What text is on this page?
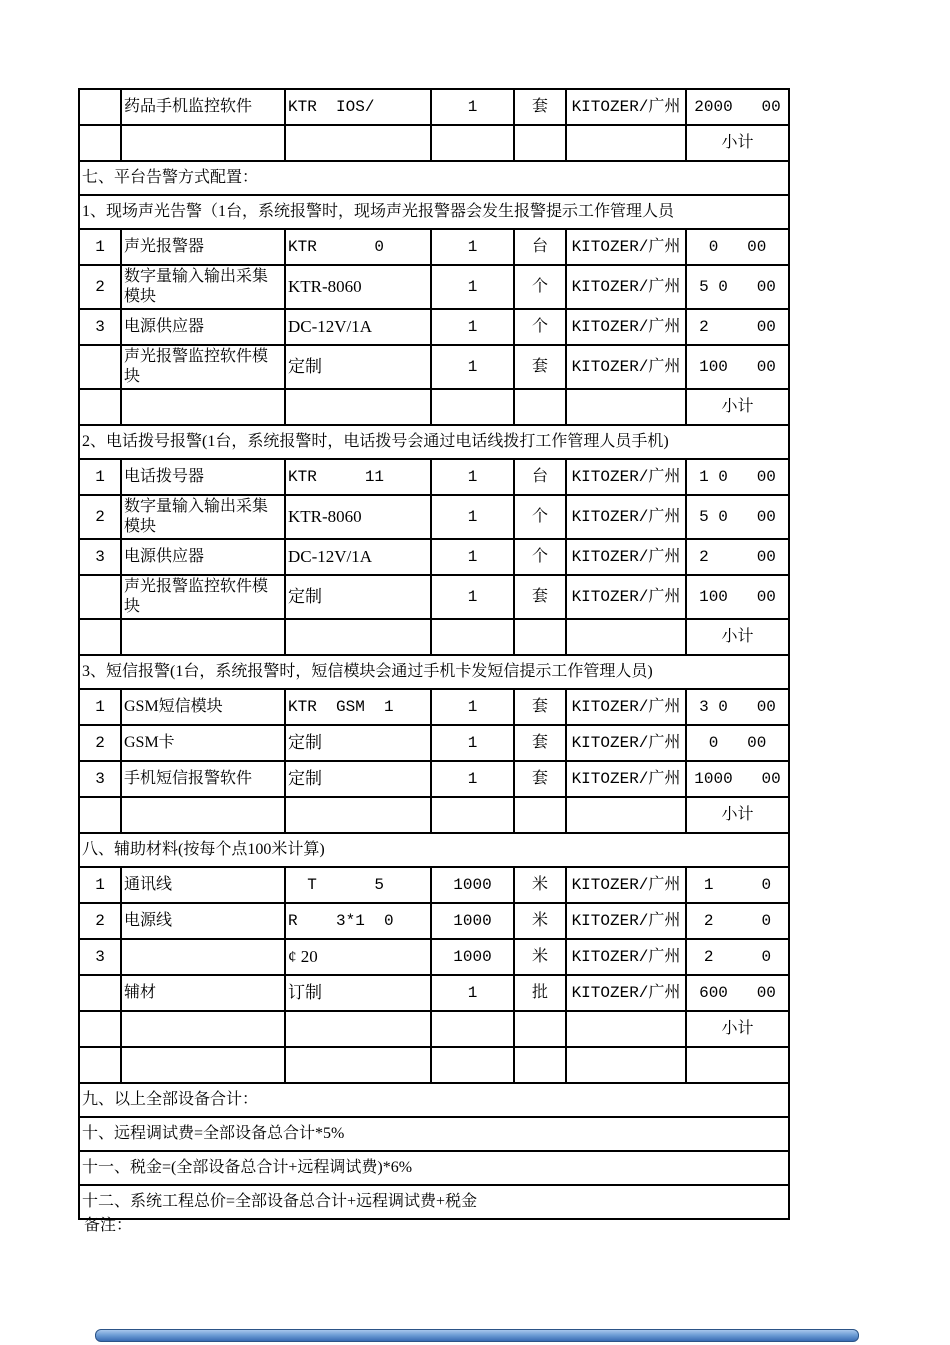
	药品手机监控软件	KTR  IOS/	1	套	KITOZER/广州	2000   00
						小计
七、平台告警方式配置：						
1、现场声光告警（1台，系统报警时，现场声光报警器会发生报警提示工作管理人员						
1	声光报警器	KTR      0	1	台	KITOZER/广州	0   00
2	数字量输入输出采集模块	KTR-8060	1	个	KITOZER/广州	5 0   00
3	电源供应器	DC-12V/1A	1	个	KITOZER/广州	2     00
	声光报警监控软件模块	定制	1	套	KITOZER/广州	100   00
						小计
2、电话拨号报警(1台，系统报警时，电话拨号会通过电话线拨打工作管理人员手机)						
1	电话拨号器	KTR     11	1	台	KITOZER/广州	1 0   00
2	数字量输入输出采集模块	KTR-8060	1	个	KITOZER/广州	5 0   00
3	电源供应器	DC-12V/1A	1	个	KITOZER/广州	2     00
	声光报警监控软件模块	定制	1	套	KITOZER/广州	100   00
						小计
3、短信报警(1台，系统报警时，短信模块会通过手机卡发短信提示工作管理人员)						
1	GSM短信模块	KTR  GSM  1	1	套	KITOZER/广州	3 0   00
2	GSM卡	定制	1	套	KITOZER/广州	0   00
3	手机短信报警软件	定制	1	套	KITOZER/广州	1000   00
						小计
八、辅助材料(按每个点100米计算)						
1	通讯线	T      5	1000	米	KITOZER/广州	1     0
2	电源线	R    3*1  0	1000	米	KITOZER/广州	2     0
3		¢ 20	1000	米	KITOZER/广州	2     0
	辅材	订制	1	批	KITOZER/广州	600   00
						小计

九、以上全部设备合计：						
十、远程调试费=全部设备总合计*5%						
十一、税金=(全部设备总合计+远程调试费)*6%						
十二、系统工程总价=全部设备总合计+远程调试费+税金						
备注：
